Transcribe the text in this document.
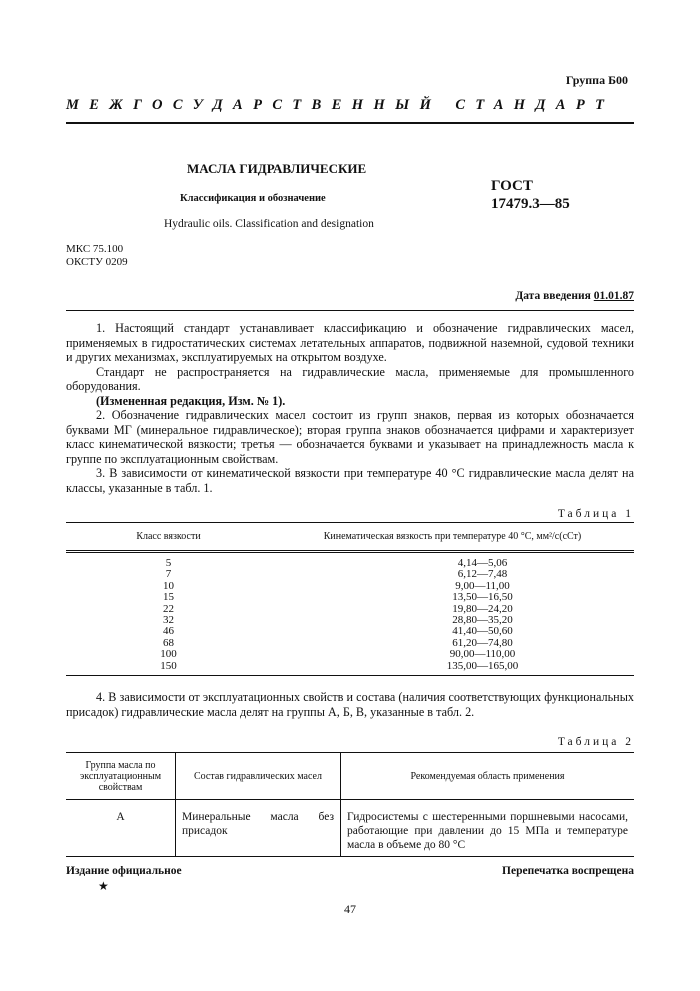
Группа Б00
МЕЖГОСУДАРСТВЕННЫЙ СТАНДАРТ
МАСЛА ГИДРАВЛИЧЕСКИЕ
Классификация и обозначение
Hydraulic oils. Classification and designation
ГОСТ
17479.3—85
МКС 75.100
ОКСТУ 0209
Дата введения 01.01.87

1. Настоящий стандарт устанавливает классификацию и обозначение гидравлических масел, применяемых в гидростатических системах летательных аппаратов, подвижной наземной, судовой техники и других механизмах, эксплуатируемых на открытом воздухе.

Стандарт не распространяется на гидравлические масла, применяемые для промышленного оборудования.

(Измененная редакция, Изм. № 1).

2. Обозначение гидравлических масел состоит из групп знаков, первая из которых обозначается буквами МГ (минеральное гидравлическое); вторая группа знаков обозначается цифрами и характеризует класс кинематической вязкости; третья — обозначается буквами и указывает на принадлежность масла к группе по эксплуатационным свойствам.

3. В зависимости от кинематической вязкости при температуре 40 °С гидравлические масла делят на классы, указанные в табл. 1.

Таблица 1
Класс вязкости	Кинематическая вязкость при температуре 40 °С, мм²/с(сСт)
5	4,14—5,06
7	6,12—7,48
10	9,00—11,00
15	13,50—16,50
22	19,80—24,20
32	28,80—35,20
46	41,40—50,60
68	61,20—74,80
100	90,00—110,00
150	135,00—165,00

4. В зависимости от эксплуатационных свойств и состава (наличия соответствующих функциональных присадок) гидравлические масла делят на группы А, Б, В, указанные в табл. 2.

Таблица 2
Группа масла по эксплуатационным свойствам	Состав гидравлических масел	Рекомендуемая область применения
А	Минеральные масла без присадок	Гидросистемы с шестеренными поршневыми насосами, работающие при давлении до 15 МПа и температуре масла в объеме до 80 °С
Издание официальное	Перепечатка воспрещена
★
47
